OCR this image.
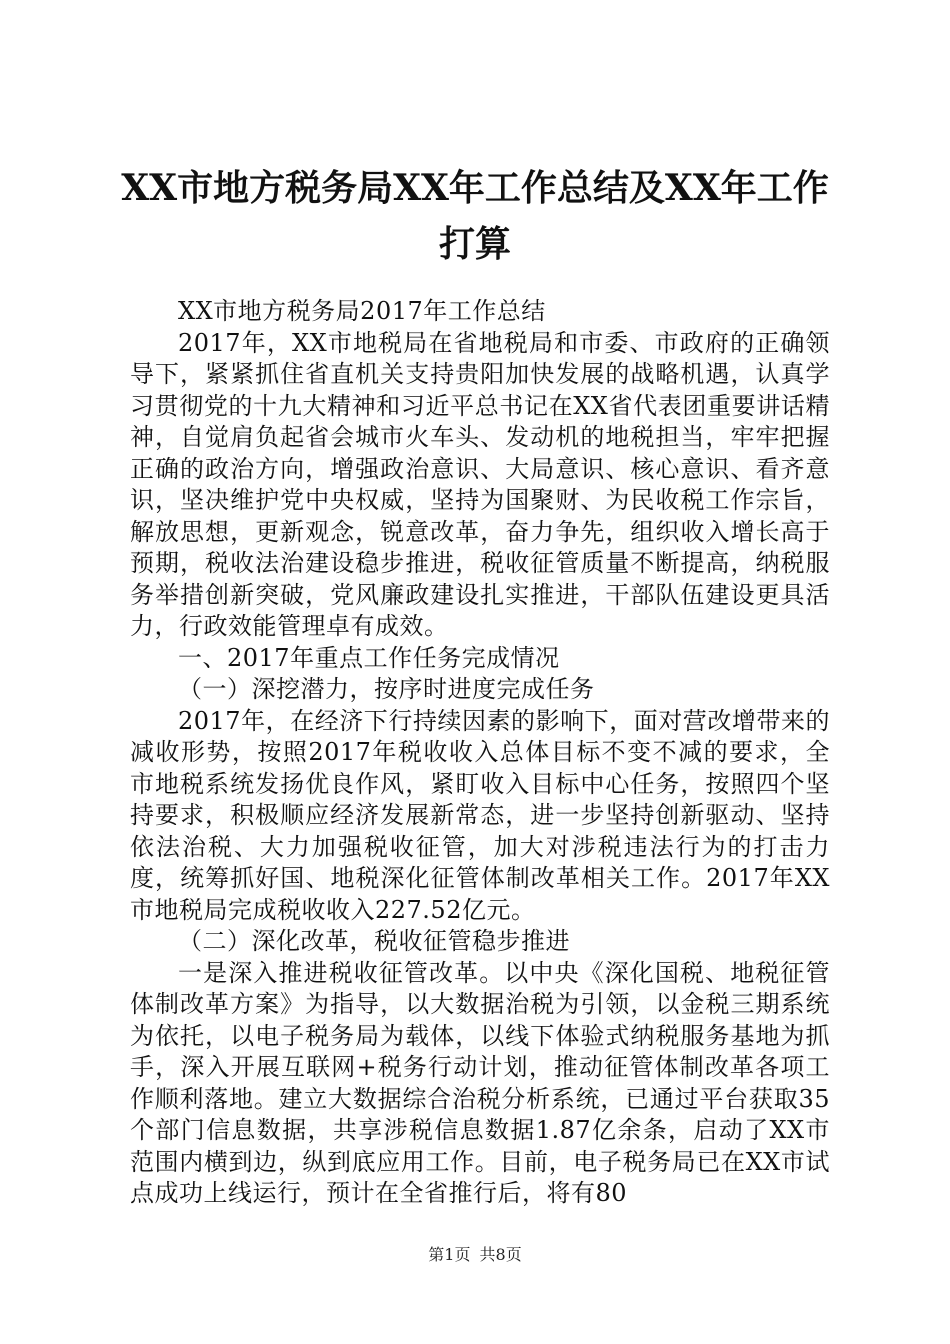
XX市地方税务局XX年工作总结及XX年工作打算

XX市地方税务局2017年工作总结

2017年，XX市地税局在省地税局和市委、市政府的正确领导下，紧紧抓住省直机关支持贵阳加快发展的战略机遇，认真学习贯彻党的十九大精神和习近平总书记在XX省代表团重要讲话精神，自觉肩负起省会城市火车头、发动机的地税担当，牢牢把握正确的政治方向，增强政治意识、大局意识、核心意识、看齐意识，坚决维护党中央权威，坚持为国聚财、为民收税工作宗旨，解放思想，更新观念，锐意改革，奋力争先，组织收入增长高于预期，税收法治建设稳步推进，税收征管质量不断提高，纳税服务举措创新突破，党风廉政建设扎实推进，干部队伍建设更具活力，行政效能管理卓有成效。

一、2017年重点工作任务完成情况

（一）深挖潜力，按序时进度完成任务

2017年，在经济下行持续因素的影响下，面对营改增带来的减收形势，按照2017年税收收入总体目标不变不减的要求，全市地税系统发扬优良作风，紧盯收入目标中心任务，按照四个坚持要求，积极顺应经济发展新常态，进一步坚持创新驱动、坚持依法治税、大力加强税收征管，加大对涉税违法行为的打击力度，统筹抓好国、地税深化征管体制改革相关工作。2017年XX市地税局完成税收收入227.52亿元。

（二）深化改革，税收征管稳步推进

一是深入推进税收征管改革。以中央《深化国税、地税征管体制改革方案》为指导，以大数据治税为引领，以金税三期系统为依托，以电子税务局为载体，以线下体验式纳税服务基地为抓手，深入开展互联网+税务行动计划，推动征管体制改革各项工作顺利落地。建立大数据综合治税分析系统，已通过平台获取35个部门信息数据，共享涉税信息数据1.87亿余条，启动了XX市范围内横到边，纵到底应用工作。目前，电子税务局已在XX市试点成功上线运行，预计在全省推行后，将有80

第1页 共8页
